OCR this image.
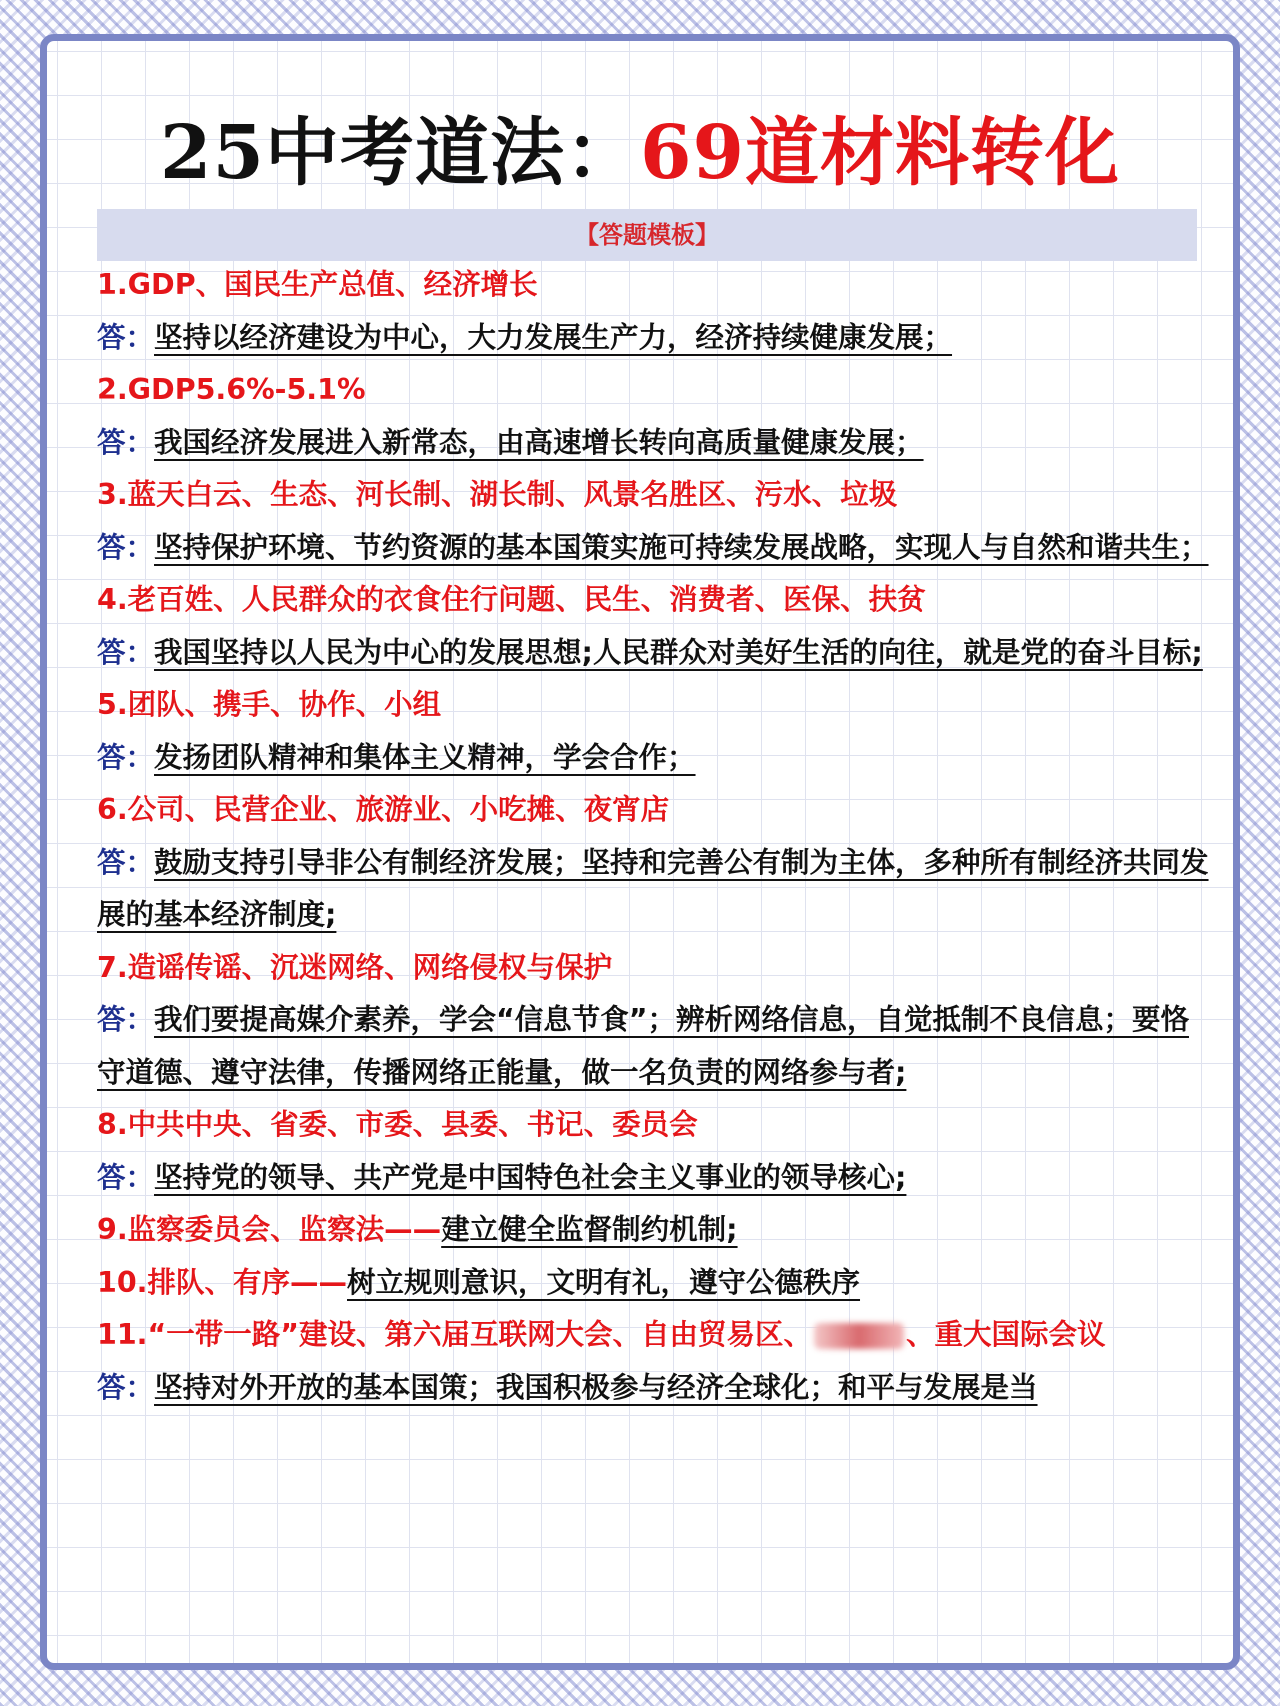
25中考道法：69道材料转化
【答题模板】

1.GDP、国民生产总值、经济增长

答：坚持以经济建设为中心，大力发展生产力，经济持续健康发展；

2.GDP5.6%-5.1%

答：我国经济发展进入新常态，由高速增长转向高质量健康发展；

3.蓝天白云、生态、河长制、湖长制、风景名胜区、污水、垃圾

答：坚持保护环境、节约资源的基本国策实施可持续发展战略，实现人与自然和谐共生；

4.老百姓、人民群众的衣食住行问题、民生、消费者、医保、扶贫

答：我国坚持以人民为中心的发展思想;人民群众对美好生活的向往，就是党的奋斗目标;

5.团队、携手、协作、小组

答：发扬团队精神和集体主义精神，学会合作；

6.公司、民营企业、旅游业、小吃摊、夜宵店

答：鼓励支持引导非公有制经济发展；坚持和完善公有制为主体，多种所有制经济共同发展的基本经济制度;

7.造谣传谣、沉迷网络、网络侵权与保护

答：我们要提高媒介素养，学会“信息节食”；辨析网络信息，自觉抵制不良信息；要恪守道德、遵守法律，传播网络正能量，做一名负责的网络参与者;

8.中共中央、省委、市委、县委、书记、委员会

答：坚持党的领导、共产党是中国特色社会主义事业的领导核心;

9.监察委员会、监察法——建立健全监督制约机制;

10.排队、有序——树立规则意识，文明有礼，遵守公德秩序

11.“一带一路”建设、第六届互联网大会、自由贸易区、	、重大国际会议

答：坚持对外开放的基本国策；我国积极参与经济全球化；和平与发展是当
